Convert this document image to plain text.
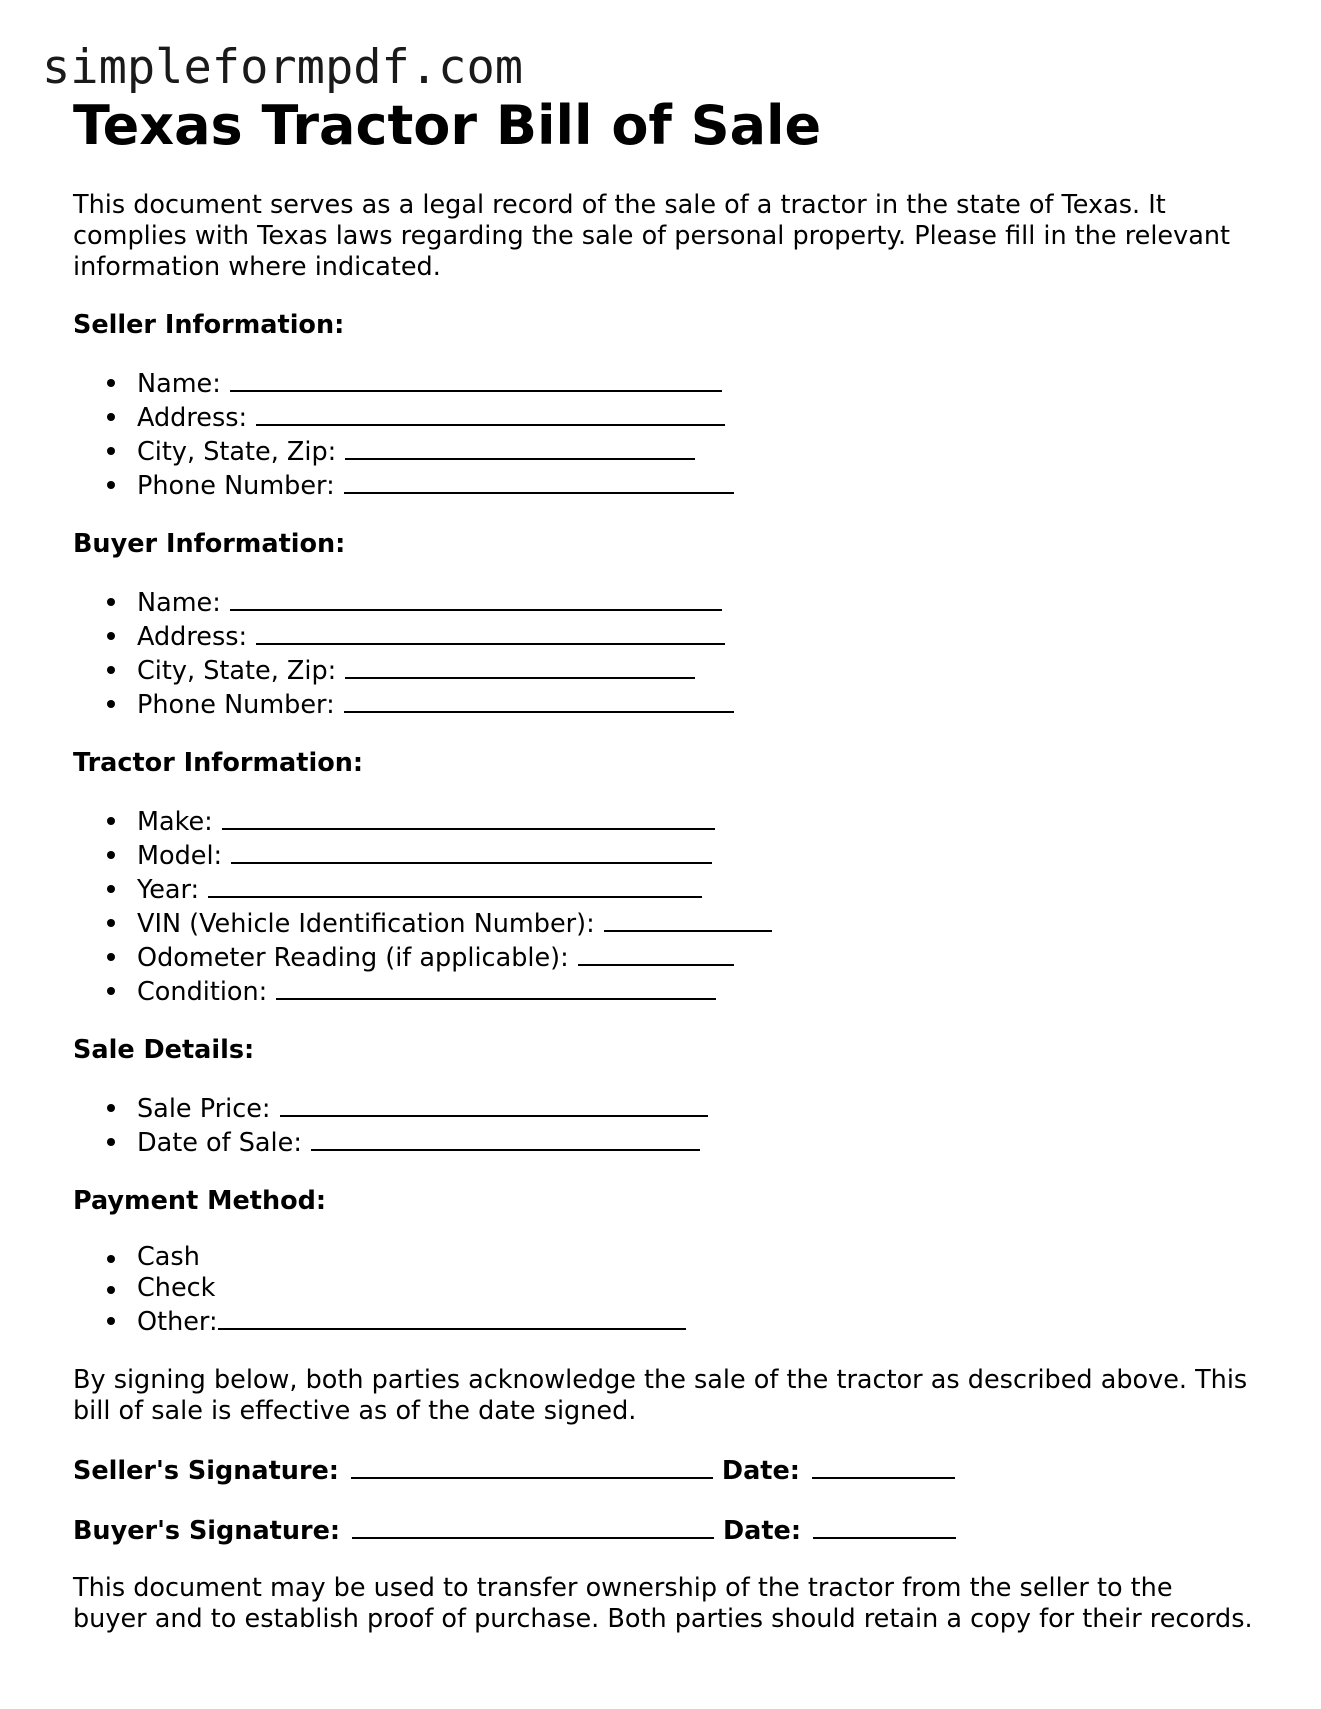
simpleformpdf.com
Texas Tractor Bill of Sale

This document serves as a legal record of the sale of a tractor in the state of Texas. It complies with Texas laws regarding the sale of personal property. Please fill in the relevant information where indicated.

Seller Information:
Name:
Address:
City, State, Zip:
Phone Number:
Buyer Information:
Name:
Address:
City, State, Zip:
Phone Number:
Tractor Information:
Make:
Model:
Year:
VIN (Vehicle Identification Number):
Odometer Reading (if applicable):
Condition:
Sale Details:
Sale Price:
Date of Sale:
Payment Method:
Cash
Check
Other:

By signing below, both parties acknowledge the sale of the tractor as described above. This bill of sale is effective as of the date signed.

Seller's Signature:	Date:
Buyer's Signature:	Date:

This document may be used to transfer ownership of the tractor from the seller to the buyer and to establish proof of purchase. Both parties should retain a copy for their records.
